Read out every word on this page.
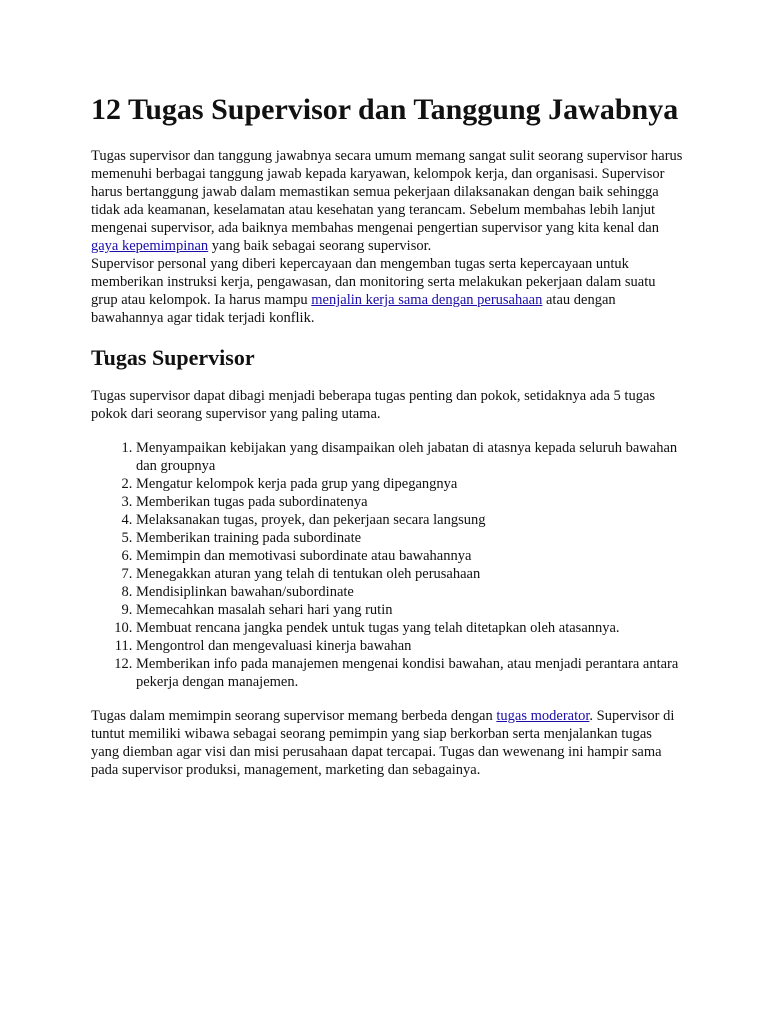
12 Tugas Supervisor dan Tanggung Jawabnya

Tugas supervisor dan tanggung jawabnya secara umum memang sangat sulit seorang supervisor harus memenuhi berbagai tanggung jawab kepada karyawan, kelompok kerja, dan organisasi. Supervisor harus bertanggung jawab dalam memastikan semua pekerjaan dilaksanakan dengan baik sehingga tidak ada keamanan, keselamatan atau kesehatan yang terancam. Sebelum membahas lebih lanjut mengenai supervisor, ada baiknya membahas mengenai pengertian supervisor yang kita kenal dan gaya kepemimpinan yang baik sebagai seorang supervisor.

Supervisor personal yang diberi kepercayaan dan mengemban tugas serta kepercayaan untuk memberikan instruksi kerja, pengawasan, dan monitoring serta melakukan pekerjaan dalam suatu grup atau kelompok. Ia harus mampu menjalin kerja sama dengan perusahaan atau dengan bawahannya agar tidak terjadi konflik.

Tugas Supervisor

Tugas supervisor dapat dibagi menjadi beberapa tugas penting dan pokok, setidaknya ada 5 tugas pokok dari seorang supervisor yang paling utama.

1. Menyampaikan kebijakan yang disampaikan oleh jabatan di atasnya kepada seluruh bawahan dan groupnya
2. Mengatur kelompok kerja pada grup yang dipegangnya
3. Memberikan tugas pada subordinatenya
4. Melaksanakan tugas, proyek, dan pekerjaan secara langsung
5. Memberikan training pada subordinate
6. Memimpin dan memotivasi subordinate atau bawahannya
7. Menegakkan aturan yang telah di tentukan oleh perusahaan
8. Mendisiplinkan bawahan/subordinate
9. Memecahkan masalah sehari hari yang rutin
10. Membuat rencana jangka pendek untuk tugas yang telah ditetapkan oleh atasannya.
11. Mengontrol dan mengevaluasi kinerja bawahan
12. Memberikan info pada manajemen mengenai kondisi bawahan, atau menjadi perantara antara pekerja dengan manajemen.

Tugas dalam memimpin seorang supervisor memang berbeda dengan tugas moderator. Supervisor di tuntut memiliki wibawa sebagai seorang pemimpin yang siap berkorban serta menjalankan tugas yang diemban agar visi dan misi perusahaan dapat tercapai. Tugas dan wewenang ini hampir sama pada supervisor produksi, management, marketing dan sebagainya.
